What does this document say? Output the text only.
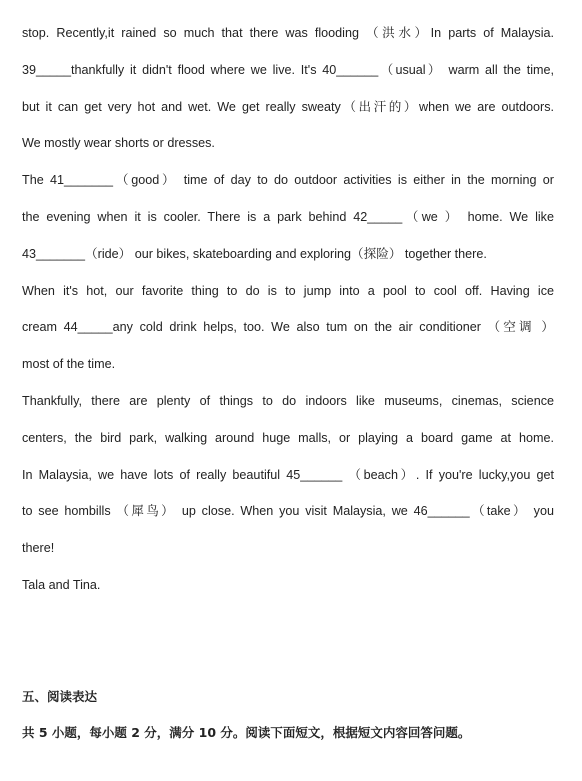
stop. Recently,it rained so much that there was flooding （洪水）In parts of Malaysia.
39_____thankfully it didn't flood where we live. It's 40______（usual） warm all the time,
but it can get very hot and wet. We get really sweaty（出汗的）when we are outdoors.
We mostly wear shorts or dresses.
The 41_______（good） time of day to do outdoor activities is either in the morning or
the evening when it is cooler. There is a park behind 42_____（we ） home. We like
43_______（ride） our bikes, skateboarding and exploring（探险） together there.
When it's hot, our favorite thing to do is to jump into a pool to cool off. Having ice
cream 44_____any cold drink helps, too. We also tum on the air conditioner （空调 ）
most of the time.
Thankfully, there are plenty of things to do indoors like museums, cinemas, science
centers, the bird park, walking around huge malls, or playing a board game at home.
In Malaysia, we have lots of really beautiful 45______ （beach）. If you're lucky,you get
to see hombills （犀鸟） up close. When you visit Malaysia, we 46______（take） you
there!
Tala and Tina.
五、阅读表达
共 5 小题，每小题 2 分，满分 10 分。阅读下面短文，根据短文内容回答问题。
